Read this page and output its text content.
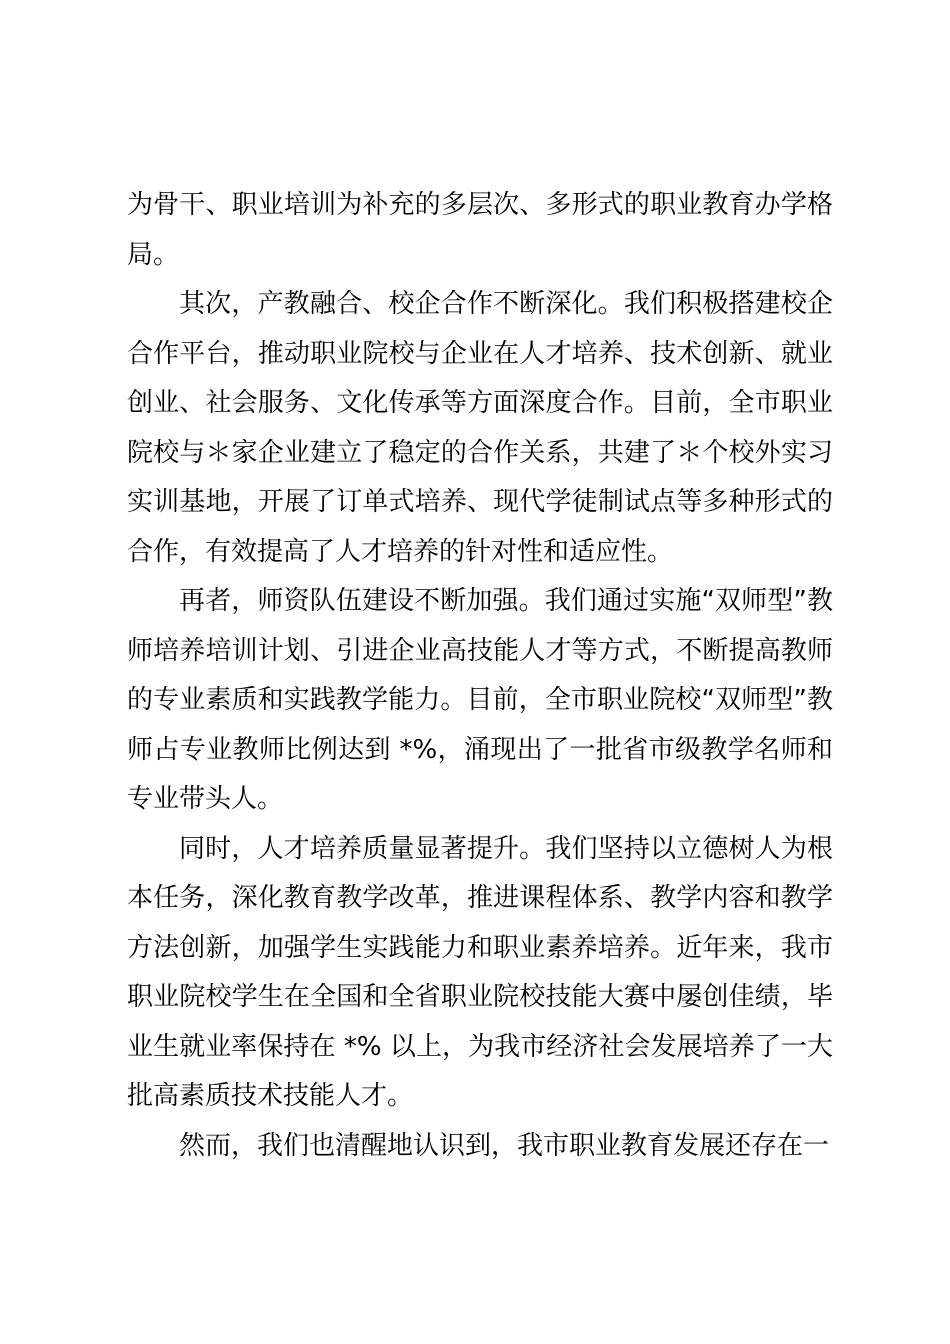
为骨干、职业培训为补充的多层次、多形式的职业教育办学格局。

其次，产教融合、校企合作不断深化。我们积极搭建校企合作平台，推动职业院校与企业在人才培养、技术创新、就业创业、社会服务、文化传承等方面深度合作。目前，全市职业院校与＊家企业建立了稳定的合作关系，共建了＊个校外实习实训基地，开展了订单式培养、现代学徒制试点等多种形式的合作，有效提高了人才培养的针对性和适应性。

再者，师资队伍建设不断加强。我们通过实施“双师型”教师培养培训计划、引进企业高技能人才等方式，不断提高教师的专业素质和实践教学能力。目前，全市职业院校“双师型”教师占专业教师比例达到 *%，涌现出了一批省市级教学名师和专业带头人。

同时，人才培养质量显著提升。我们坚持以立德树人为根本任务，深化教育教学改革，推进课程体系、教学内容和教学方法创新，加强学生实践能力和职业素养培养。近年来，我市职业院校学生在全国和全省职业院校技能大赛中屡创佳绩，毕业生就业率保持在 *% 以上，为我市经济社会发展培养了一大批高素质技术技能人才。

然而，我们也清醒地认识到，我市职业教育发展还存在一
